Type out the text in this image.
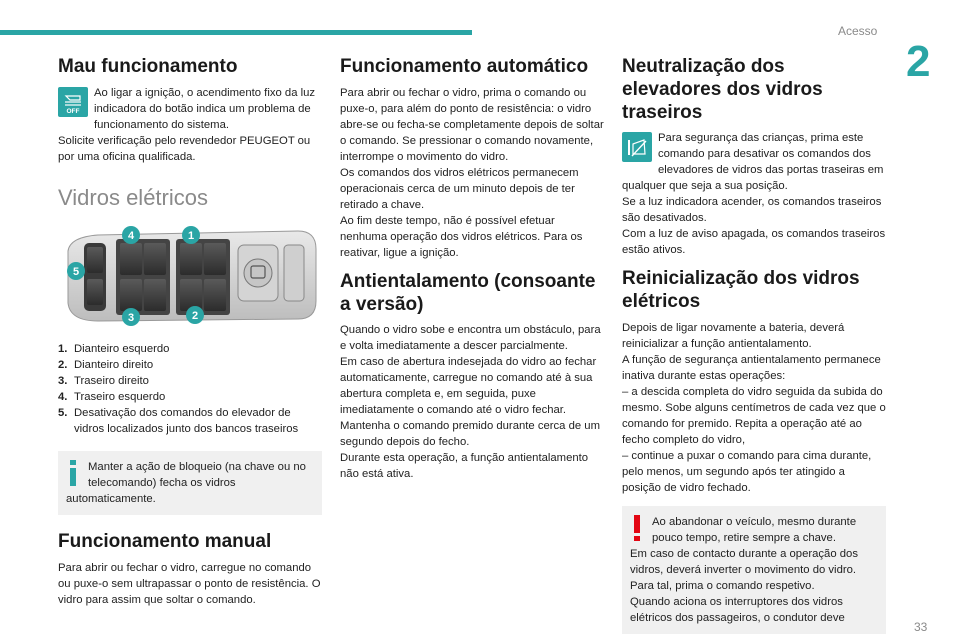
Acesso
2
33
Mau funcionamento
OFF

Ao ligar a ignição, o acendimento fixo da luz indicadora do botão indica um problema de funcionamento do sistema.

Solicite verificação pelo revendedor PEUGEOT ou por uma oficina qualificada.

Vidros elétricos
4	1
5
3	2
1. Dianteiro esquerdo
2. Dianteiro direito
3. Traseiro direito
4. Traseiro esquerdo
5. Desativação dos comandos do elevador de vidros localizados junto dos bancos traseiros

Manter a ação de bloqueio (na chave ou no telecomando) fecha os vidros automaticamente.

Funcionamento manual

Para abrir ou fechar o vidro, carregue no comando ou puxe-o sem ultrapassar o ponto de resistência. O vidro para assim que soltar o comando.

Funcionamento automático

Para abrir ou fechar o vidro, prima o comando ou puxe-o, para além do ponto de resistência: o vidro abre-se ou fecha-se completamente depois de soltar o comando. Se pressionar o comando novamente, interrompe o movimento do vidro.

Os comandos dos vidros elétricos permanecem operacionais cerca de um minuto depois de ter retirado a chave.

Ao fim deste tempo, não é possível efetuar nenhuma operação dos vidros elétricos. Para os reativar, ligue a ignição.

Antientalamento (consoante a versão)

Quando o vidro sobe e encontra um obstáculo, para e volta imediatamente a descer parcialmente.

Em caso de abertura indesejada do vidro ao fechar automaticamente, carregue no comando até à sua abertura completa e, em seguida, puxe imediatamente o comando até o vidro fechar. Mantenha o comando premido durante cerca de um segundo depois do fecho.

Durante esta operação, a função antientalamento não está ativa.

Neutralização dos elevadores dos vidros traseiros

Para segurança das crianças, prima este comando para desativar os comandos dos elevadores de vidros das portas traseiras em qualquer que seja a sua posição.

Se a luz indicadora acender, os comandos traseiros são desativados.

Com a luz de aviso apagada, os comandos traseiros estão ativos.

Reinicialização dos vidros elétricos

Depois de ligar novamente a bateria, deverá reinicializar a função antientalamento.

A função de segurança antientalamento permanece inativa durante estas operações:

– a descida completa do vidro seguida da subida do mesmo. Sobe alguns centímetros de cada vez que o comando for premido. Repita a operação até ao fecho completo do vidro,

– continue a puxar o comando para cima durante, pelo menos, um segundo após ter atingido a posição de vidro fechado.

Ao abandonar o veículo, mesmo durante pouco tempo, retire sempre a chave.

Em caso de contacto durante a operação dos vidros, deverá inverter o movimento do vidro. Para tal, prima o comando respetivo.

Quando aciona os interruptores dos vidros elétricos dos passageiros, o condutor deve
